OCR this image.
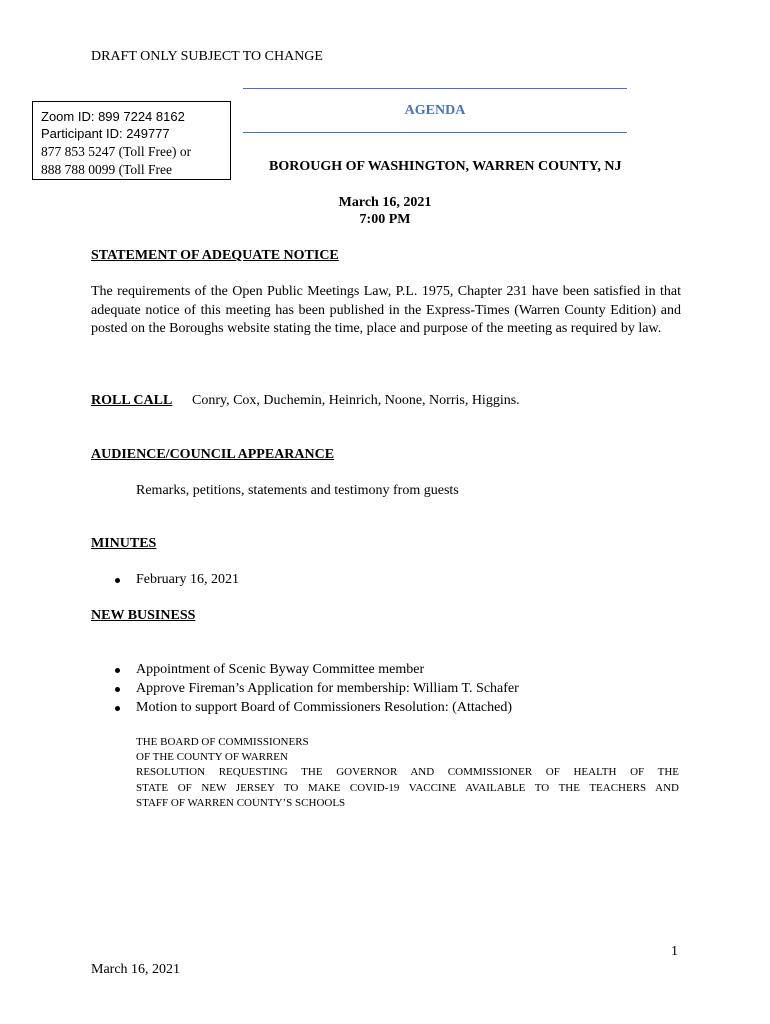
DRAFT ONLY SUBJECT TO CHANGE
Zoom ID: 899 7224 8162
Participant ID: 249777
877 853 5247 (Toll Free) or
888 788 0099 (Toll Free
AGENDA
BOROUGH OF WASHINGTON, WARREN COUNTY, NJ
March 16, 2021
7:00 PM
STATEMENT OF ADEQUATE NOTICE
The requirements of the Open Public Meetings Law, P.L. 1975, Chapter 231 have been satisfied in that adequate notice of this meeting has been published in the Express-Times (Warren County Edition) and posted on the Boroughs website stating the time, place and purpose of the meeting as required by law.
ROLL CALL Conry, Cox, Duchemin, Heinrich, Noone, Norris, Higgins.
AUDIENCE/COUNCIL APPEARANCE
Remarks, petitions, statements and testimony from guests
MINUTES
February 16, 2021
NEW BUSINESS
Appointment of Scenic Byway Committee member
Approve Fireman’s Application for membership: William T. Schafer
Motion to support Board of Commissioners Resolution: (Attached)
THE BOARD OF COMMISSIONERS
OF THE COUNTY OF WARREN
RESOLUTION REQUESTING THE GOVERNOR AND COMMISSIONER OF HEALTH OF THE
STATE OF NEW JERSEY TO MAKE COVID-19 VACCINE AVAILABLE TO THE TEACHERS AND
STAFF OF WARREN COUNTY’S SCHOOLS
1
March 16, 2021
